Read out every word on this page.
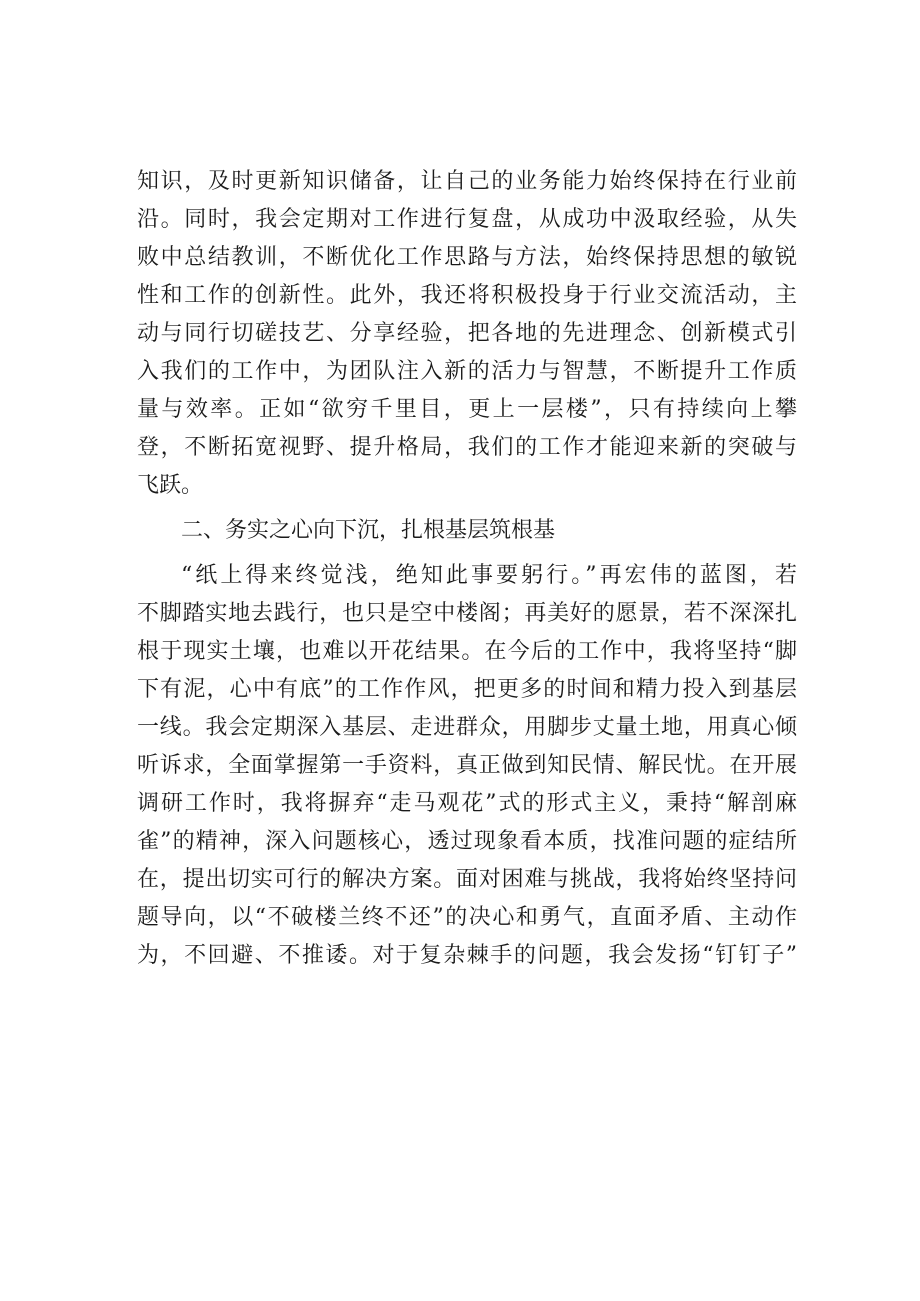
知识，及时更新知识储备，让自己的业务能力始终保持在行业前
沿。同时，我会定期对工作进行复盘，从成功中汲取经验，从失
败中总结教训，不断优化工作思路与方法，始终保持思想的敏锐
性和工作的创新性。此外，我还将积极投身于行业交流活动，主
动与同行切磋技艺、分享经验，把各地的先进理念、创新模式引
入我们的工作中，为团队注入新的活力与智慧，不断提升工作质
量与效率。正如“欲穷千里目，更上一层楼”，只有持续向上攀
登，不断拓宽视野、提升格局，我们的工作才能迎来新的突破与
飞跃。
二、务实之心向下沉，扎根基层筑根基
“纸上得来终觉浅，绝知此事要躬行。”再宏伟的蓝图，若
不脚踏实地去践行，也只是空中楼阁；再美好的愿景，若不深深扎
根于现实土壤，也难以开花结果。在今后的工作中，我将坚持“脚
下有泥，心中有底”的工作作风，把更多的时间和精力投入到基层
一线。我会定期深入基层、走进群众，用脚步丈量土地，用真心倾
听诉求，全面掌握第一手资料，真正做到知民情、解民忧。在开展
调研工作时，我将摒弃“走马观花”式的形式主义，秉持“解剖麻
雀”的精神，深入问题核心，透过现象看本质，找准问题的症结所
在，提出切实可行的解决方案。面对困难与挑战，我将始终坚持问
题导向，以“不破楼兰终不还”的决心和勇气，直面矛盾、主动作
为，不回避、不推诿。对于复杂棘手的问题，我会发扬“钉钉子”
